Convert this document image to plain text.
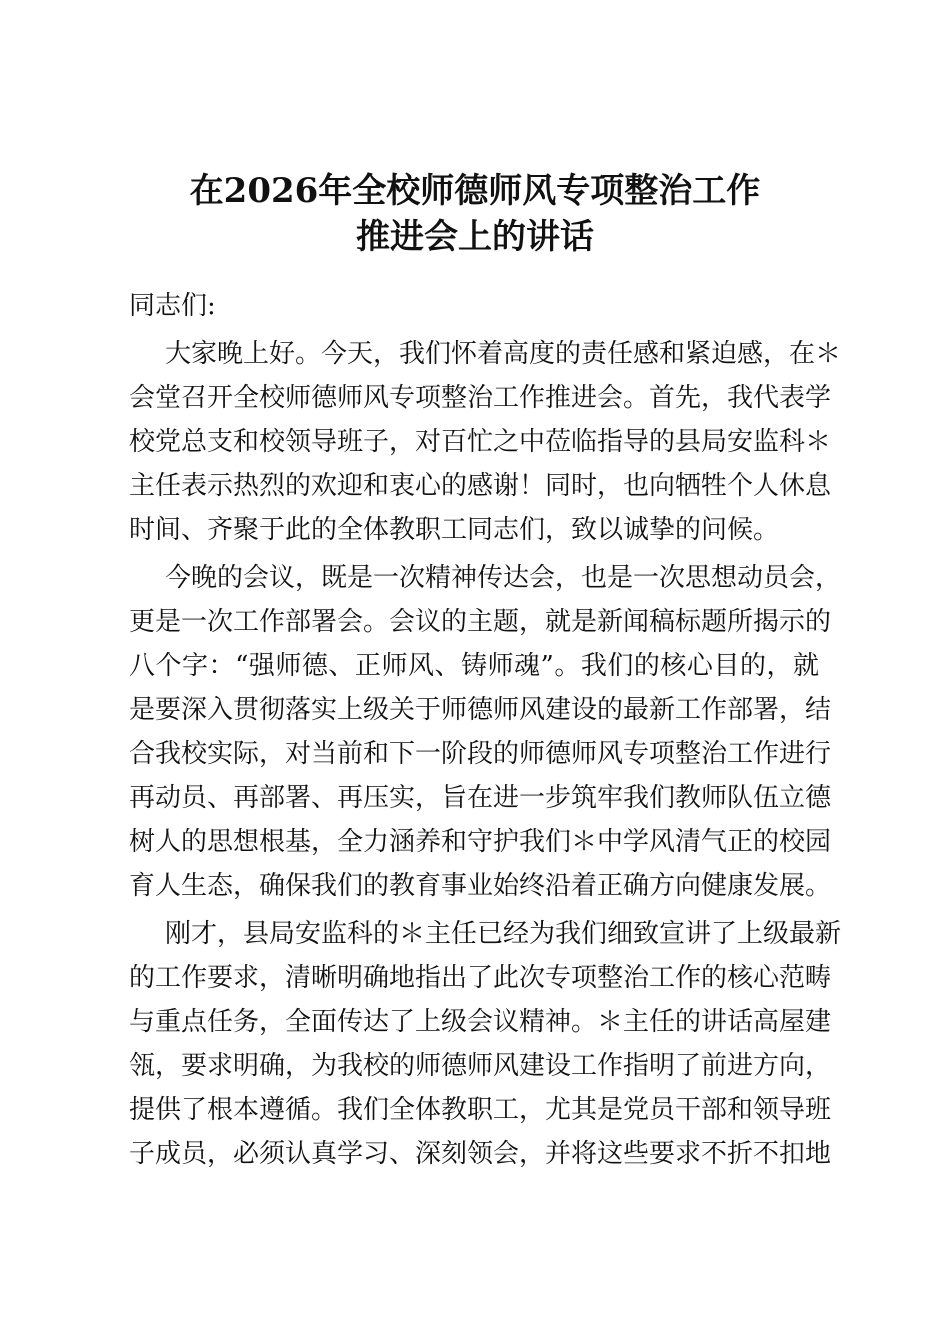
在2026年全校师德师风专项整治工作
推进会上的讲话
同志们:
大家晚上好。今天，我们怀着高度的责任感和紧迫感，在＊
会堂召开全校师德师风专项整治工作推进会。首先，我代表学
校党总支和校领导班子，对百忙之中莅临指导的县局安监科＊
主任表示热烈的欢迎和衷心的感谢！同时，也向牺牲个人休息
时间、齐聚于此的全体教职工同志们，致以诚挚的问候。
今晚的会议，既是一次精神传达会，也是一次思想动员会，
更是一次工作部署会。会议的主题，就是新闻稿标题所揭示的
八个字：“强师德、正师风、铸师魂”。我们的核心目的，就
是要深入贯彻落实上级关于师德师风建设的最新工作部署，结
合我校实际，对当前和下一阶段的师德师风专项整治工作进行
再动员、再部署、再压实，旨在进一步筑牢我们教师队伍立德
树人的思想根基，全力涵养和守护我们＊中学风清气正的校园
育人生态，确保我们的教育事业始终沿着正确方向健康发展。
刚才，县局安监科的＊主任已经为我们细致宣讲了上级最新
的工作要求，清晰明确地指出了此次专项整治工作的核心范畴
与重点任务，全面传达了上级会议精神。＊主任的讲话高屋建
瓴，要求明确，为我校的师德师风建设工作指明了前进方向，
提供了根本遵循。我们全体教职工，尤其是党员干部和领导班
子成员，必须认真学习、深刻领会，并将这些要求不折不扣地
